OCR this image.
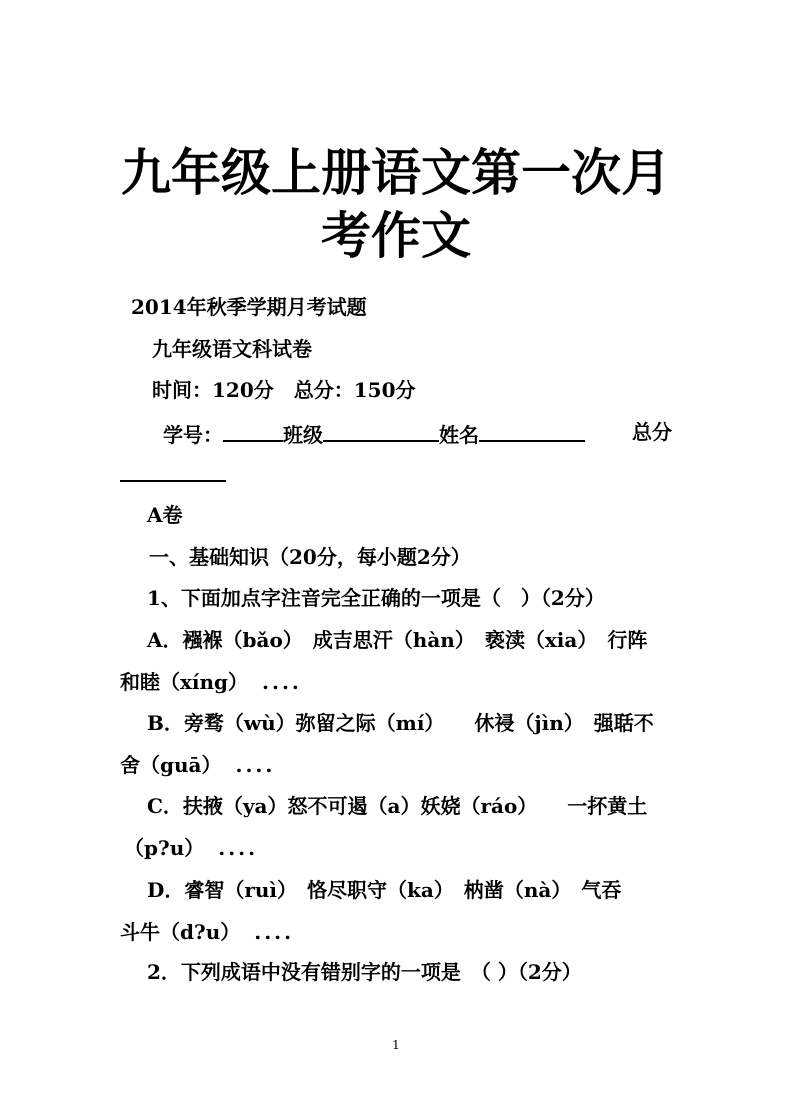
九年级上册语文第一次月
考作文
2014年秋季学期月考试题
九年级语文科试卷
时间：120分　总分：150分
学号：	班级	姓名	总分
A卷
一、基础知识（20分，每小题2分）
1、下面加点字注音完全正确的一项是（　）（2分）
A．襁褓（bǎo）　成吉思汗（hàn）　亵渎（xia）　行阵
和睦（xíng） ....
B．旁骛（wù）弥留之际（mí）　　休祲（jìn）　强聒不
舍（guā） ....
C．扶掖（ya）怒不可遏（a）妖娆（ráo）　　一抔黄土
（p?u） ....
D．睿智（ruì）　恪尽职守（ka）　枘凿（nà）　气吞
斗牛（d?u） ....
2．下列成语中没有错别字的一项是　（ ）（2分）
1
